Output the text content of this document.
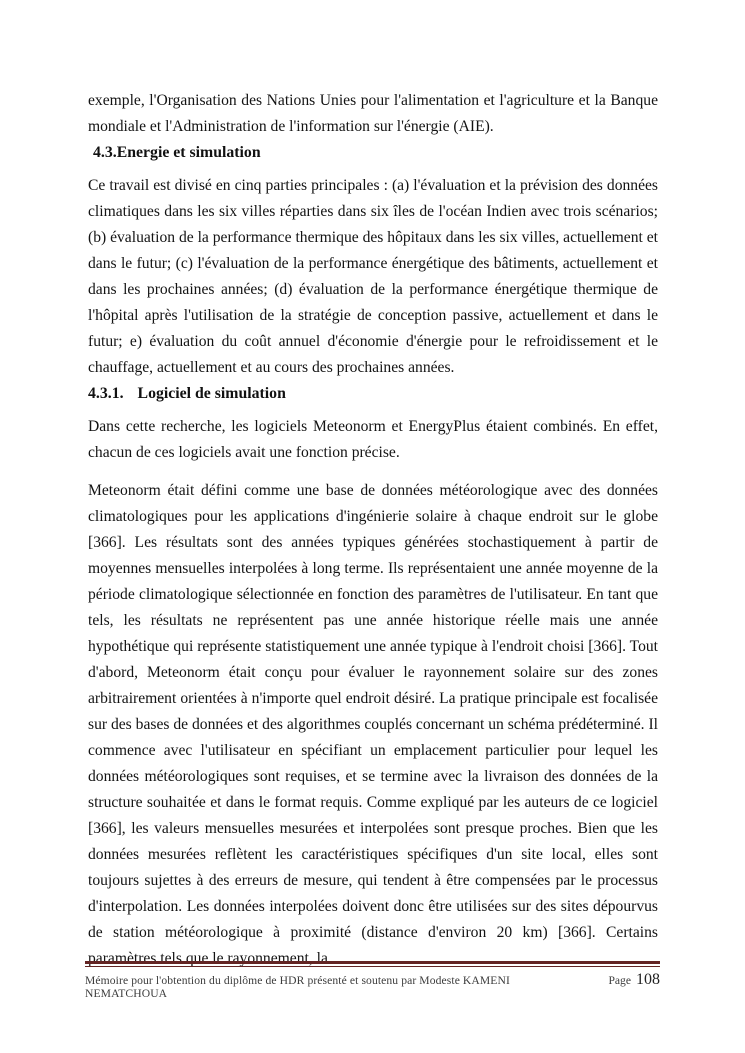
exemple, l'Organisation des Nations Unies pour l'alimentation et l'agriculture et la Banque mondiale et l'Administration de l'information sur l'énergie (AIE).

4.3.Energie et simulation

Ce travail est divisé en cinq parties principales : (a) l'évaluation et la prévision des données climatiques dans les six villes réparties dans six îles de l'océan Indien avec trois scénarios; (b) évaluation de la performance thermique des hôpitaux dans les six villes, actuellement et dans le futur; (c) l'évaluation de la performance énergétique des bâtiments, actuellement et dans les prochaines années; (d) évaluation de la performance énergétique thermique de l'hôpital après l'utilisation de la stratégie de conception passive, actuellement et dans le futur; e) évaluation du coût annuel d'économie d'énergie pour le refroidissement et le chauffage, actuellement et au cours des prochaines années.

4.3.1. Logiciel de simulation

Dans cette recherche, les logiciels Meteonorm et EnergyPlus étaient combinés. En effet, chacun de ces logiciels avait une fonction précise.

Meteonorm était défini comme une base de données météorologique avec des données climatologiques pour les applications d'ingénierie solaire à chaque endroit sur le globe [366]. Les résultats sont des années typiques générées stochastiquement à partir de moyennes mensuelles interpolées à long terme. Ils représentaient une année moyenne de la période climatologique sélectionnée en fonction des paramètres de l'utilisateur. En tant que tels, les résultats ne représentent pas une année historique réelle mais une année hypothétique qui représente statistiquement une année typique à l'endroit choisi [366]. Tout d'abord, Meteonorm était conçu pour évaluer le rayonnement solaire sur des zones arbitrairement orientées à n'importe quel endroit désiré. La pratique principale est focalisée sur des bases de données et des algorithmes couplés concernant un schéma prédéterminé. Il commence avec l'utilisateur en spécifiant un emplacement particulier pour lequel les données météorologiques sont requises, et se termine avec la livraison des données de la structure souhaitée et dans le format requis. Comme expliqué par les auteurs de ce logiciel [366], les valeurs mensuelles mesurées et interpolées sont presque proches. Bien que les données mesurées reflètent les caractéristiques spécifiques d'un site local, elles sont toujours sujettes à des erreurs de mesure, qui tendent à être compensées par le processus d'interpolation. Les données interpolées doivent donc être utilisées sur des sites dépourvus de station météorologique à proximité (distance d'environ 20 km) [366]. Certains paramètres tels que le rayonnement, la

Mémoire pour l'obtention du diplôme de HDR présenté et soutenu par Modeste KAMENI NEMATCHOUA
Page 108
